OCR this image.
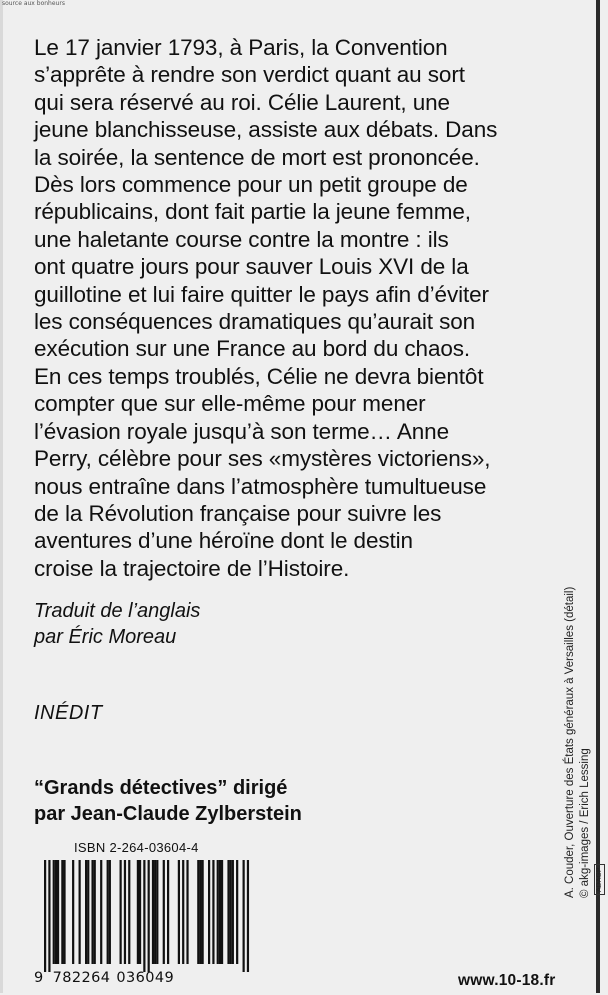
source aux bonheurs
Le 17 janvier 1793, à Paris, la Convention
s’apprête à rendre son verdict quant au sort
qui sera réservé au roi. Célie Laurent, une
jeune blanchisseuse, assiste aux débats. Dans
la soirée, la sentence de mort est prononcée.
Dès lors commence pour un petit groupe de
républicains, dont fait partie la jeune femme,
une haletante course contre la montre : ils
ont quatre jours pour sauver Louis XVI de la
guillotine et lui faire quitter le pays afin d’éviter
les conséquences dramatiques qu’aurait son
exécution sur une France au bord du chaos.
En ces temps troublés, Célie ne devra bientôt
compter que sur elle-même pour mener
l’évasion royale jusqu’à son terme… Anne
Perry, célèbre pour ses «mystères victoriens»,
nous entraîne dans l’atmosphère tumultueuse
de la Révolution française pour suivre les
aventures d’une héroïne dont le destin
croise la trajectoire de l’Histoire.
Traduit de l’anglais
par Éric Moreau
INÉDIT
“Grands détectives” dirigé
par Jean-Claude Zylberstein	A. Couder, Ouverture des États généraux à Versailles (détail) © akg-images / Erich Lessing ADAGP
ISBN 2-264-03604-4
9 782264 036049	www.10-18.fr
